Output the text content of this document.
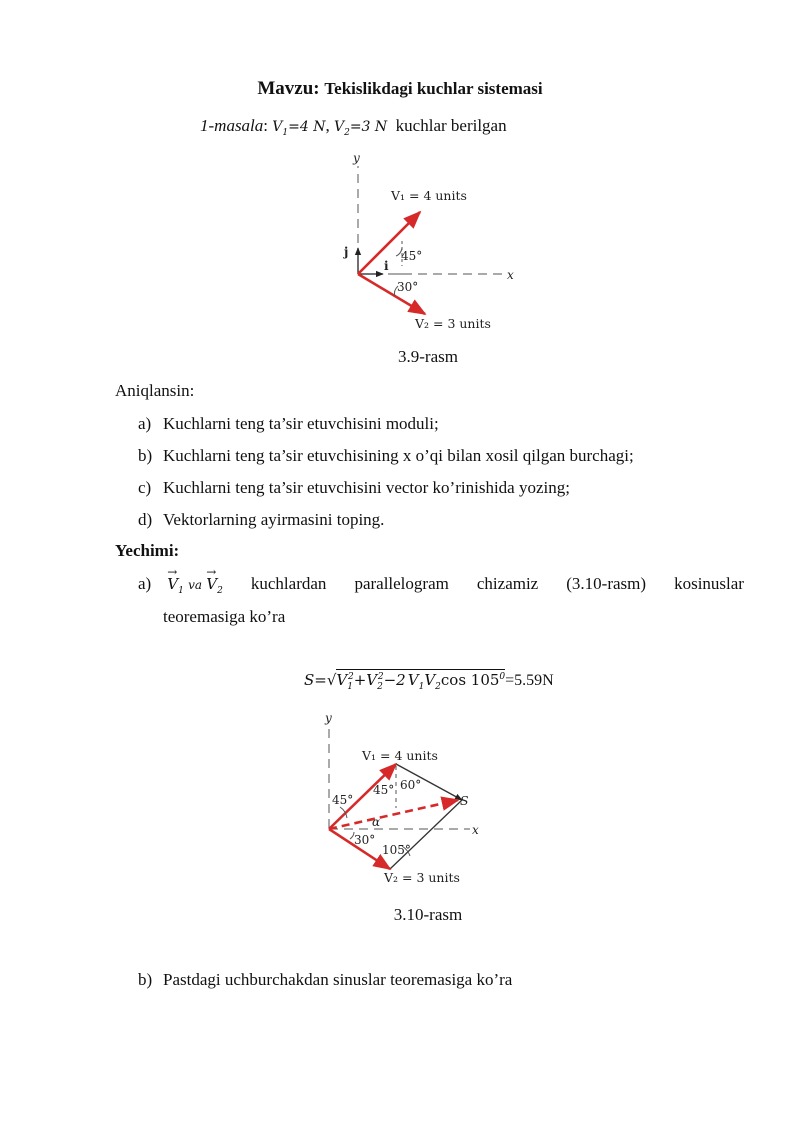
Mavzu: Tekislikdagi kuchlar sistemasi
1-masala: $V_1=4$ N, $V_2=3$ N kuchlar berilgan
y
x
j
i
V₁ = 4 units
V₂ = 3 units
45°
30°
3.9-rasm
Aniqlansin:
a) Kuchlarni teng ta’sir etuvchisini moduli;
b) Kuchlarni teng ta’sir etuvchisining x o’qi bilan xosil qilgan burchagi;
c) Kuchlarni teng ta’sir etuvchisini vector ko’rinishida yozing;
d) Vektorlarning ayirmasini toping.
Yechimi:
a)
→
$V_1$ va
→
$V_2$ kuchlardan parallelogram chizamiz (3.10-rasm) kosinuslar
teoremasiga ko’ra
$S=√V_1^2+V_2^2-2$ $V_1V_2\cos$ $105^0=5.59N$
y
x
V₁ = 4 units
V₂ = 3 units
S
45°
45° 60°
α
30°
105°
3.10-rasm
b) Pastdagi uchburchakdan sinuslar teoremasiga ko’ra
